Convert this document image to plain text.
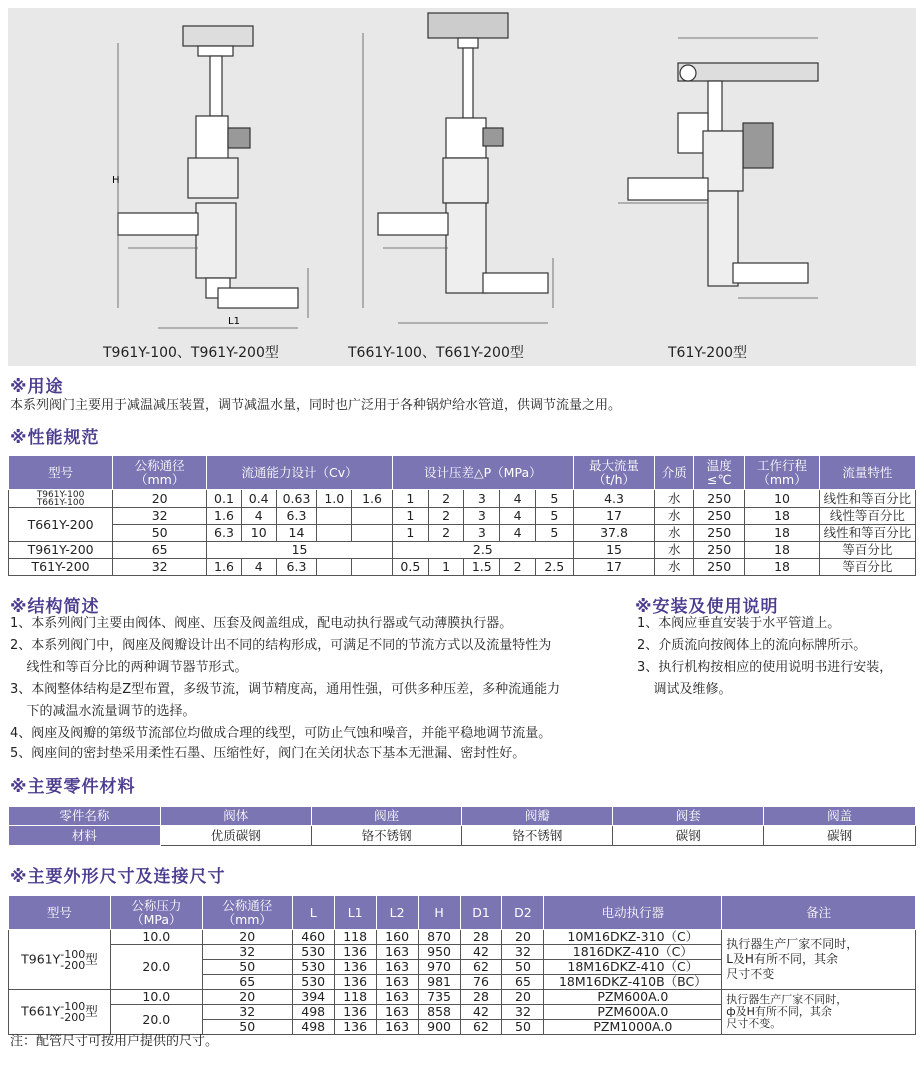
H
L1
T961Y-100、T961Y-200型	T661Y-100、T661Y-200型	T61Y-200型
※用途
本系列阀门主要用于减温减压装置，调节减温水量，同时也广泛用于各种锅炉给水管道，供调节流量之用。
※性能规范
型号	公称通径
（mm）	流通能力设计（Cv）					设计压差△P（MPa）					最大流量
（t/h）	介质	温度
≤℃	工作行程
（mm）	流量特性
T961Y-100
T661Y-100	20	0.1	0.4	0.63	1.0	1.6	1	2	3	4	5	4.3	水	250	10	线性和等百分比
T661Y-200	32	1.6	4	6.3			1	2	3	4	5	17	水	250	18	线性等百分比
	50	6.3	10	14			1	2	3	4	5	37.8	水	250	18	线性和等百分比
T961Y-200	65	15					2.5					15	水	250	18	等百分比
T61Y-200	32	1.6	4	6.3			0.5	1	1.5	2	2.5	17	水	250	18	等百分比
※结构简述	※安装及使用说明
1、本系列阀门主要由阀体、阀座、压套及阀盖组成，配电动执行器或气动薄膜执行器。
2、本系列阀门中，阀座及阀瓣设计出不同的结构形成，可满足不同的节流方式以及流量特性为
线性和等百分比的两种调节器节形式。
3、本阀整体结构是Z型布置，多级节流，调节精度高，通用性强，可供多种压差，多种流通能力
下的减温水流量调节的选择。
4、阀座及阀瓣的第级节流部位均做成合理的线型，可防止气蚀和噪音，并能平稳地调节流量。
5、阀座间的密封垫采用柔性石墨、压缩性好，阀门在关闭状态下基本无泄漏、密封性好。
1、本阀应垂直安装于水平管道上。
2、介质流向按阀体上的流向标牌所示。
3、执行机构按相应的使用说明书进行安装，
调试及维修。
※主要零件材料
零件名称	阀体	阀座	阀瓣	阀套	阀盖
材料	优质碳钢	铬不锈钢	铬不锈钢	碳钢	碳钢
※主要外形尺寸及连接尺寸
型号	公称压力
（MPa）	公称通径
（mm）	L	L1	L2	H	D1	D2	电动执行器	备注
T961Y-100
-200型	10.0	20	460	118	160	870	28	20	10M16DKZ-310（C）	执行器生产厂家不同时，
L及H有所不同，其余
尺寸不变
	20.0	32	530	136	163	950	42	32	1816DKZ-410（C）	
		50	530	136	163	970	62	50	18M16DKZ-410（C）	
		65	530	136	163	981	76	65	18M16DKZ-410B（BC）	
T661Y-100
-200型	10.0	20	394	118	163	735	28	20	PZM600A.0	执行器生产厂家不同时，
ф及H有所不同，其余
尺寸不变。
	20.0	32	498	136	163	858	42	32	PZM600A.0	
		50	498	136	163	900	62	50	PZM1000A.0	
注：配管尺寸可按用户提供的尺寸。
